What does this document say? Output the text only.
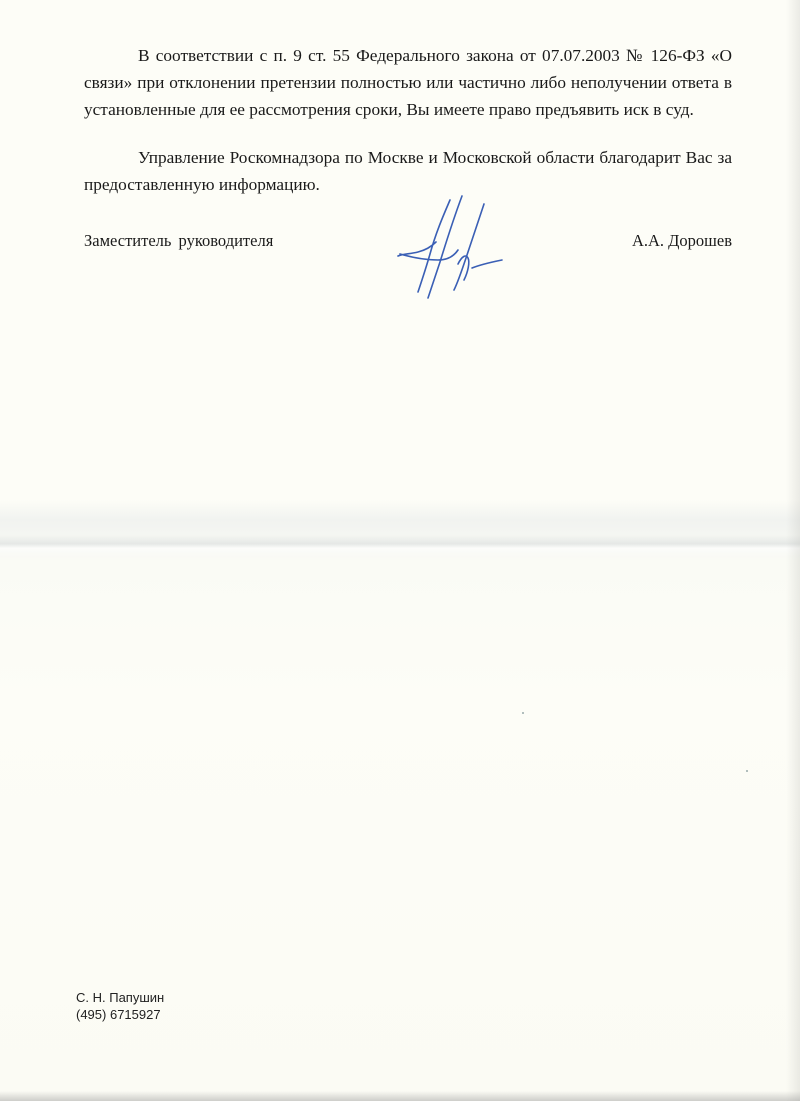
В соответствии с п. 9 ст. 55 Федерального закона от 07.07.2003 № 126-ФЗ «О связи» при отклонении претензии полностью или частично либо неполучении ответа в установленные для ее рассмотрения сроки, Вы имеете право предъявить иск в суд.

Управление Роскомнадзора по Москве и Московской области благодарит Вас за предоставленную информацию.

Заместитель руководителя	А.А. Дорошев
С. Н. Папушин
(495) 6715927
